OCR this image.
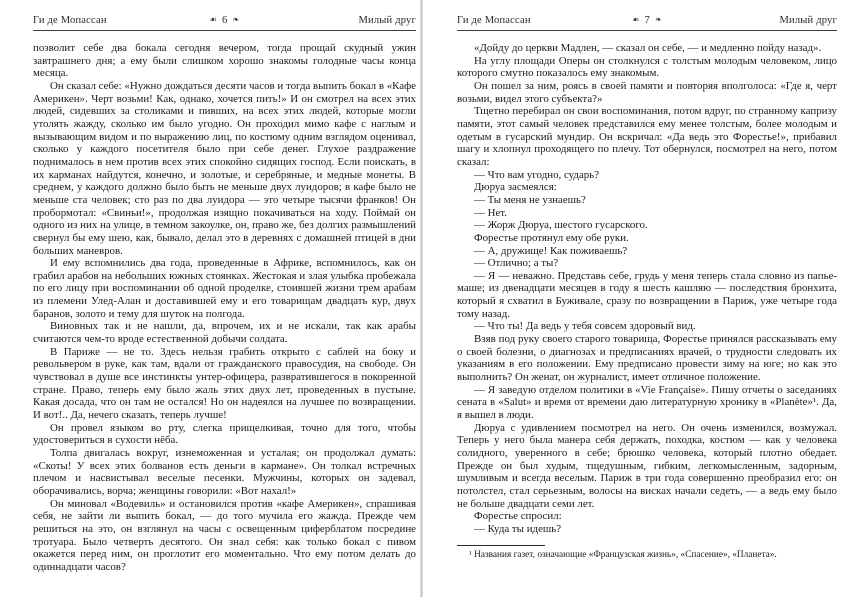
Ги де Мопассан	☙ 6 ❧	Милый друг

позволит себе два бокала сегодня вечером, тогда прощай скудный ужин завтрашнего дня; а ему были слишком хорошо знакомы голодные часы конца месяца.

Он сказал себе: «Нужно дождаться десяти часов и тогда выпить бокал в «Кафе Америкен». Черт возьми! Как, однако, хочется пить!» И он смотрел на всех этих людей, сидевших за столиками и пивших, на всех этих людей, которые могли утолять жажду, сколько им было угодно. Он проходил мимо кафе с наглым и вызывающим видом и по выражению лиц, по костюму одним взглядом оценивал, сколько у каждого посетителя было при себе денег. Глухое раздражение поднималось в нем против всех этих спокойно сидящих господ. Если поискать, в их карманах найдутся, конечно, и золотые, и серебряные, и медные монеты. В среднем, у каждого должно было быть не меньше двух луидоров; в кафе было не меньше ста человек; сто раз по два луидора — это четыре тысячи франков! Он пробормотал: «Свиньи!», продолжая изящно покачиваться на ходу. Поймай он одного из них на улице, в темном закоулке, он, право же, без долгих размышлений свернул бы ему шею, как, бывало, делал это в деревнях с домашней птицей в дни больших маневров.

И ему вспомнились два года, проведенные в Африке, вспомнилось, как он грабил арабов на небольших южных стоянках. Жестокая и злая улыбка пробежала по его лицу при воспоминании об одной проделке, стоившей жизни трем арабам из племени Улед-Алан и доставившей ему и его товарищам двадцать кур, двух баранов, золото и тему для шуток на полгода.

Виновных так и не нашли, да, впрочем, их и не искали, так как арабы считаются чем-то вроде естественной добычи солдата.

В Париже — не то. Здесь нельзя грабить открыто с саблей на боку и револьвером в руке, как там, вдали от гражданского правосудия, на свободе. Он чувствовал в душе все инстинкты унтер-офицера, развратившегося в покоренной стране. Право, теперь ему было жаль этих двух лет, проведенных в пустыне. Какая досада, что он там не остался! Но он надеялся на лучшее по возвращении. И вот!.. Да, нечего сказать, теперь лучше!

Он провел языком во рту, слегка прищелкивая, точно для того, чтобы удостовериться в сухости нёба.

Толпа двигалась вокруг, изнеможенная и усталая; он продолжал думать: «Скоты! У всех этих болванов есть деньги в кармане». Он толкал встречных плечом и насвистывал веселые песенки. Мужчины, которых он задевал, оборачивались, ворча; женщины говорили: «Вот нахал!»

Он миновал «Водевиль» и остановился против «кафе Америкен», спрашивая себя, не зайти ли выпить бокал, — до того мучила его жажда. Прежде чем решиться на это, он взглянул на часы с освещенным циферблатом посредине тротуара. Было четверть десятого. Он знал себя: как только бокал с пивом окажется перед ним, он проглотит его моментально. Что ему потом делать до одиннадцати часов?

Ги де Мопассан	☙ 7 ❧	Милый друг

«Дойду до церкви Мадлен, — сказал он себе, — и медленно пойду назад».

На углу площади Оперы он столкнулся с толстым молодым человеком, лицо которого смутно показалось ему знакомым.

Он пошел за ним, роясь в своей памяти и повторяя вполголоса: «Где я, черт возьми, видел этого субъекта?»

Тщетно перебирал он свои воспоминания, потом вдруг, по странному капризу памяти, этот самый человек представился ему менее толстым, более молодым и одетым в гусарский мундир. Он вскричал: «Да ведь это Форестье!», прибавил шагу и хлопнул проходящего по плечу. Тот обернулся, посмотрел на него, потом сказал:

— Что вам угодно, сударь?

Дюруа засмеялся:

— Ты меня не узнаешь?

— Нет.

— Жорж Дюруа, шестого гусарского.

Форестье протянул ему обе руки.

— А, дружище! Как поживаешь?

— Отлично; а ты?

— Я — неважно. Представь себе, грудь у меня теперь стала словно из папье-маше; из двенадцати месяцев в году я шесть кашляю — последствия бронхита, который я схватил в Буживале, сразу по возвращении в Париж, уже четыре года тому назад.

— Что ты! Да ведь у тебя совсем здоровый вид.

Взяв под руку своего старого товарища, Форестье принялся рассказывать ему о своей болезни, о диагнозах и предписаниях врачей, о трудности следовать их указаниям в его положении. Ему предписано провести зиму на юге; но как это выполнить? Он женат, он журналист, имеет отличное положение.

— Я заведую отделом политики в «Vie Française». Пишу отчеты о заседаниях сената в «Salut» и время от времени даю литературную хронику в «Planète»¹. Да, я вышел в люди.

Дюруа с удивлением посмотрел на него. Он очень изменился, возмужал. Теперь у него была манера себя держать, походка, костюм — как у человека солидного, уверенного в себе; брюшко человека, который плотно обедает. Прежде он был худым, тщедушным, гибким, легкомысленным, задорным, шумливым и всегда веселым. Париж в три года совершенно преобразил его: он потолстел, стал серьезным, волосы на висках начали седеть, — а ведь ему было не больше двадцати семи лет.

Форестье спросил:

— Куда ты идешь?

¹ Названия газет, означающие «Французская жизнь», «Спасение», «Планета».
